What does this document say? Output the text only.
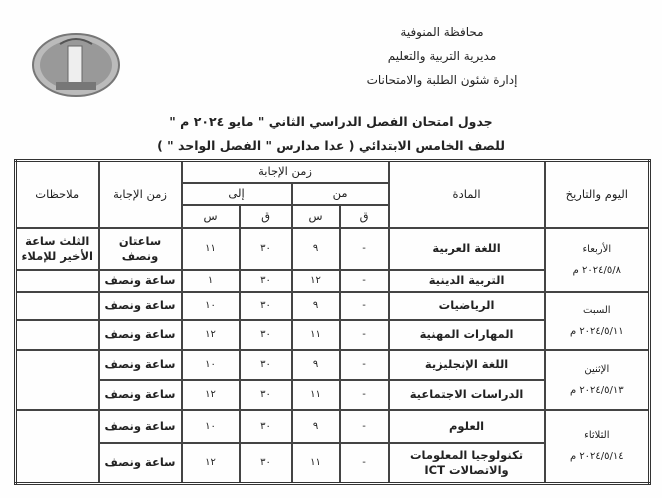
محافظة المنوفية
مديرية التربية والتعليم
إدارة شئون الطلبة والامتحانات
جدول امتحان الفصل الدراسي الثاني " مايو ٢٠٢٤ م "
للصف الخامس الابتدائي ( عدا مدارس " الفصل الواحد " )
اليوم والتاريخ	المادة	زمن الإجابة				زمن الإجابة	ملاحظات
		من		إلى			
		ق	س	ق	س		

الأربعاء
٢٠٢٤/٥/٨ م	اللغة العربية	-	٩	٣٠	١١	ساعتان ونصف	الثلث ساعة الأخير للإملاء
	التربية الدينية	-	١٢	٣٠	١	ساعة ونصف	

السبت
٢٠٢٤/٥/١١ م	الرياضيات	-	٩	٣٠	١٠	ساعة ونصف	
	المهارات المهنية	-	١١	٣٠	١٢	ساعة ونصف	

الإثنين
٢٠٢٤/٥/١٣ م	اللغة الإنجليزية	-	٩	٣٠	١٠	ساعة ونصف	
	الدراسات الاجتماعية	-	١١	٣٠	١٢	ساعة ونصف	

الثلاثاء
٢٠٢٤/٥/١٤ م	العلوم	-	٩	٣٠	١٠	ساعة ونصف	
	تكنولوجيا المعلومات والاتصالات ICT	-	١١	٣٠	١٢	ساعة ونصف	
